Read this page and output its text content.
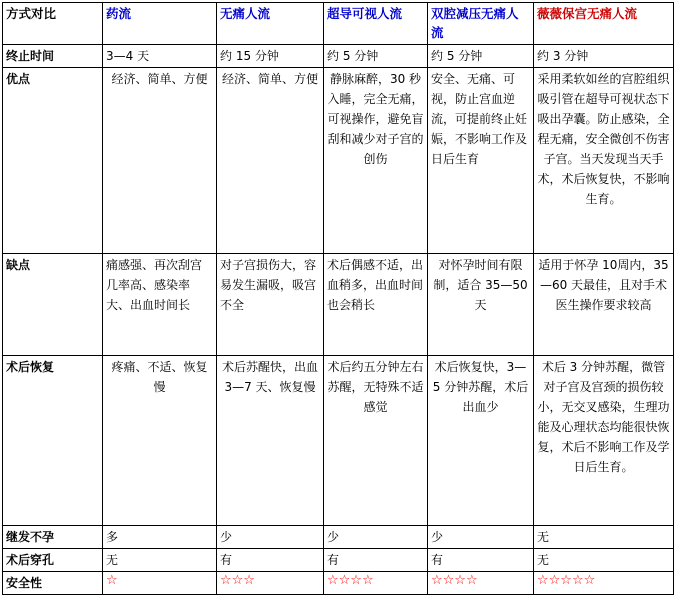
方式对比	药流	无痛人流	超导可视人流	双腔减压无痛人流	薇薇保宫无痛人流
终止时间	3—4 天	约 15 分钟	约 5 分钟	约 5 分钟	约 3 分钟
优点	经济、简单、方便	经济、简单、方便	静脉麻醉，30 秒入睡，完全无痛，可视操作，避免盲刮和减少对子宫的创伤	安全、无痛、可视，防止宫血逆流，可提前终止妊娠，不影响工作及日后生育	采用柔软如丝的宫腔组织吸引管在超导可视状态下吸出孕囊。防止感染，全程无痛，安全微创不伤害子宫。当天发现当天手术，术后恢复快，不影响生育。
缺点	痛感强、再次刮宫几率高、感染率大、出血时间长	对子宫损伤大，容易发生漏吸，吸宫不全	术后偶感不适，出血稍多，出血时间也会稍长	对怀孕时间有限制，适合 35—50 天	适用于怀孕 10周内，35—60 天最佳，且对手术医生操作要求较高
术后恢复	疼痛、不适、恢复慢	术后苏醒快，出血 3—7 天、恢复慢	术后约五分钟左右苏醒，无特殊不适感觉	术后恢复快，3—5 分钟苏醒，术后出血少	术后 3 分钟苏醒，微管对子宫及宫颈的损伤较小，无交叉感染，生理功能及心理状态均能很快恢复，术后不影响工作及学日后生育。
继发不孕	多	少	少	少	无
术后穿孔	无	有	有	有	无
安全性	☆	☆☆☆	☆☆☆☆	☆☆☆☆	☆☆☆☆☆
